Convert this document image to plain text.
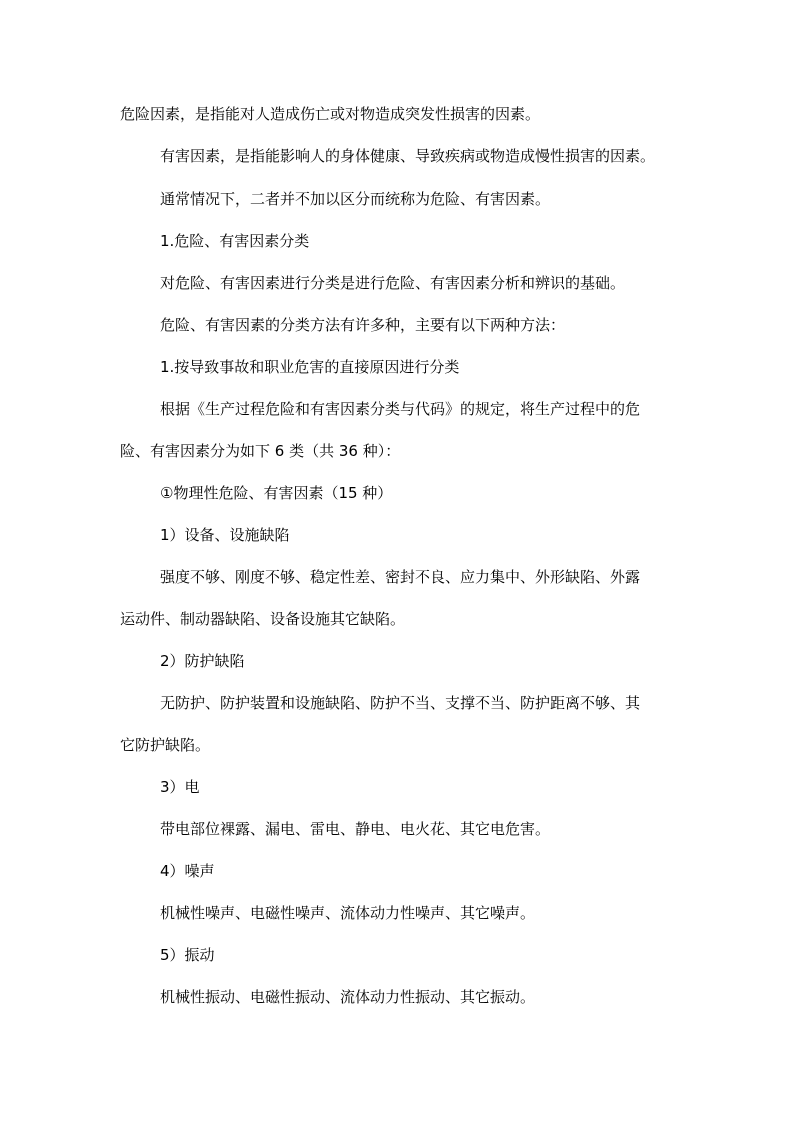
危险因素，是指能对人造成伤亡或对物造成突发性损害的因素。

有害因素，是指能影响人的身体健康、导致疾病或物造成慢性损害的因素。

通常情况下，二者并不加以区分而统称为危险、有害因素。

1.危险、有害因素分类

对危险、有害因素进行分类是进行危险、有害因素分析和辨识的基础。

危险、有害因素的分类方法有许多种，主要有以下两种方法：

1.按导致事故和职业危害的直接原因进行分类

根据《生产过程危险和有害因素分类与代码》的规定，将生产过程中的危

险、有害因素分为如下 6 类（共 36 种）：

①物理性危险、有害因素（15 种）

1）设备、设施缺陷

强度不够、刚度不够、稳定性差、密封不良、应力集中、外形缺陷、外露

运动件、制动器缺陷、设备设施其它缺陷。

2）防护缺陷

无防护、防护装置和设施缺陷、防护不当、支撑不当、防护距离不够、其

它防护缺陷。

3）电

带电部位裸露、漏电、雷电、静电、电火花、其它电危害。

4）噪声

机械性噪声、电磁性噪声、流体动力性噪声、其它噪声。

5）振动

机械性振动、电磁性振动、流体动力性振动、其它振动。
